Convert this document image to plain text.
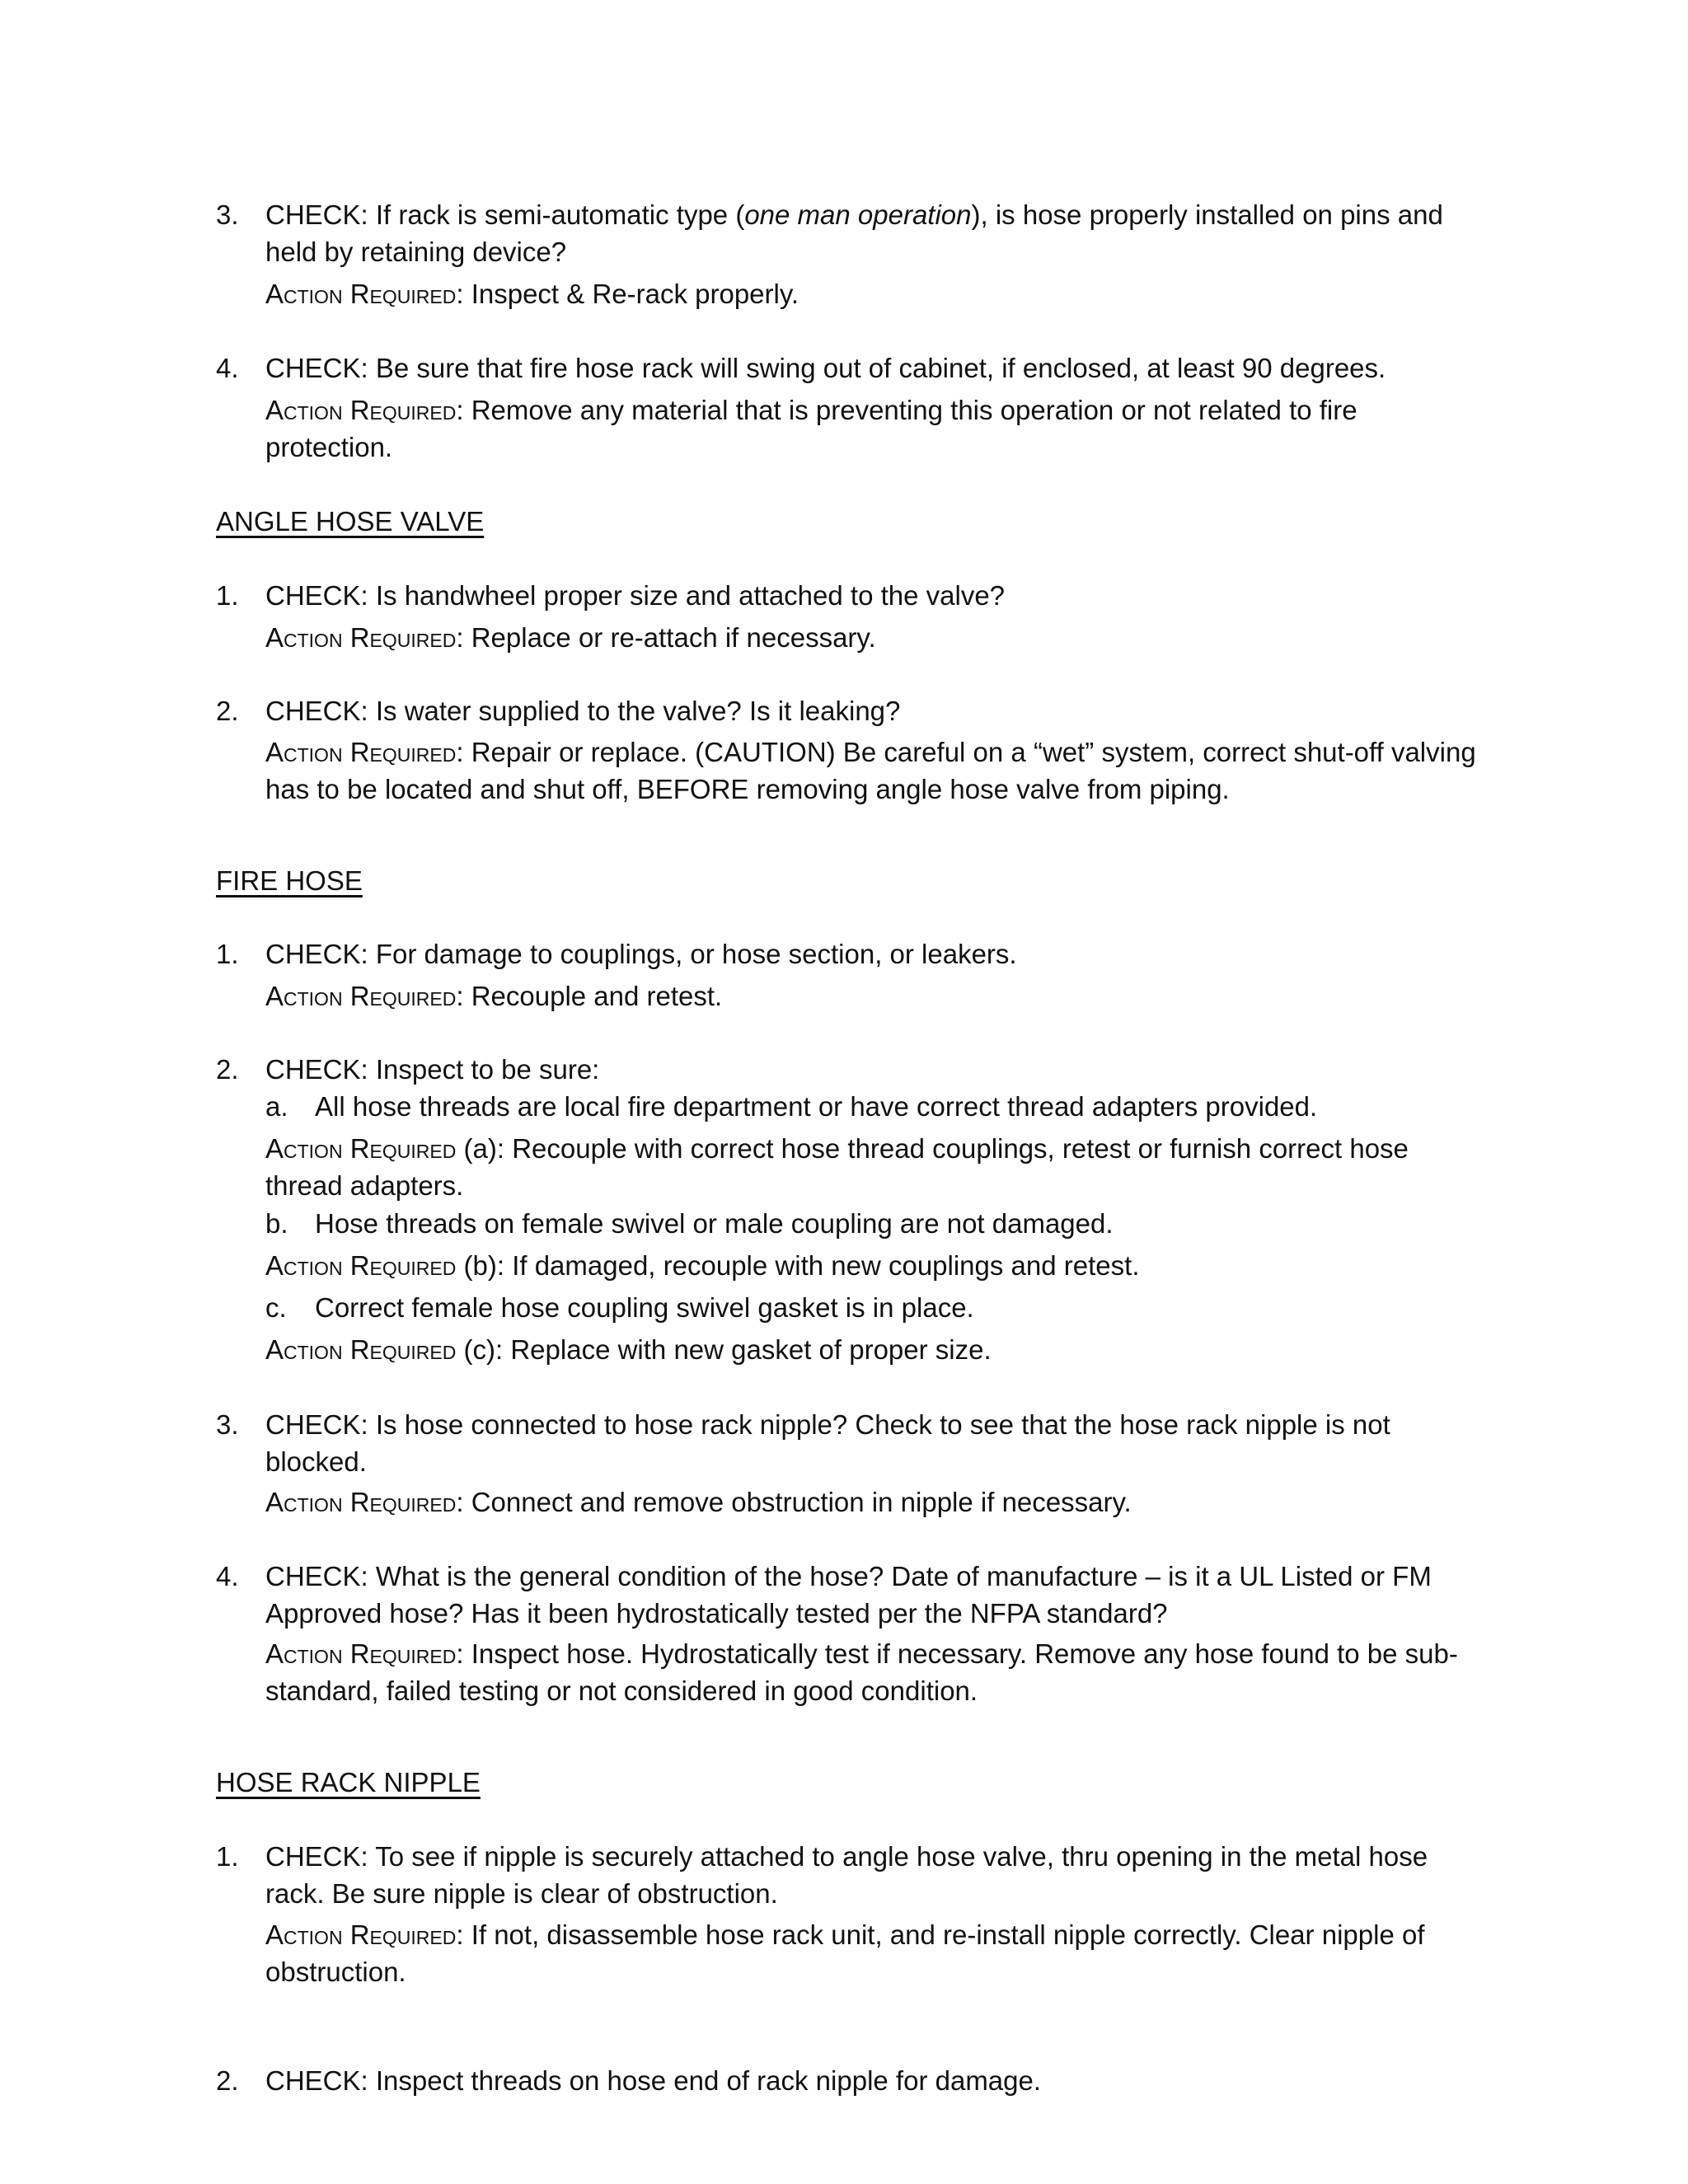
3. CHECK: If rack is semi-automatic type (one man operation), is hose properly installed on pins and held by retaining device?
Action Required: Inspect & Re-rack properly.
4. CHECK: Be sure that fire hose rack will swing out of cabinet, if enclosed, at least 90 degrees.
Action Required: Remove any material that is preventing this operation or not related to fire protection.
ANGLE HOSE VALVE
1. CHECK: Is handwheel proper size and attached to the valve?
Action Required: Replace or re-attach if necessary.
2. CHECK: Is water supplied to the valve? Is it leaking?
Action Required: Repair or replace. (CAUTION) Be careful on a “wet” system, correct shut-off valving has to be located and shut off, BEFORE removing angle hose valve from piping.
FIRE HOSE
1. CHECK: For damage to couplings, or hose section, or leakers.
Action Required: Recouple and retest.
2. CHECK: Inspect to be sure:
a. All hose threads are local fire department or have correct thread adapters provided.
Action Required (a): Recouple with correct hose thread couplings, retest or furnish correct hose thread adapters.
b. Hose threads on female swivel or male coupling are not damaged.
Action Required (b): If damaged, recouple with new couplings and retest.
c. Correct female hose coupling swivel gasket is in place.
Action Required (c): Replace with new gasket of proper size.
3. CHECK: Is hose connected to hose rack nipple? Check to see that the hose rack nipple is not blocked.
Action Required: Connect and remove obstruction in nipple if necessary.
4. CHECK: What is the general condition of the hose? Date of manufacture – is it a UL Listed or FM Approved hose? Has it been hydrostatically tested per the NFPA standard?
Action Required: Inspect hose. Hydrostatically test if necessary. Remove any hose found to be sub-standard, failed testing or not considered in good condition.
HOSE RACK NIPPLE
1. CHECK: To see if nipple is securely attached to angle hose valve, thru opening in the metal hose rack. Be sure nipple is clear of obstruction.
Action Required: If not, disassemble hose rack unit, and re-install nipple correctly. Clear nipple of obstruction.
2. CHECK: Inspect threads on hose end of rack nipple for damage.
